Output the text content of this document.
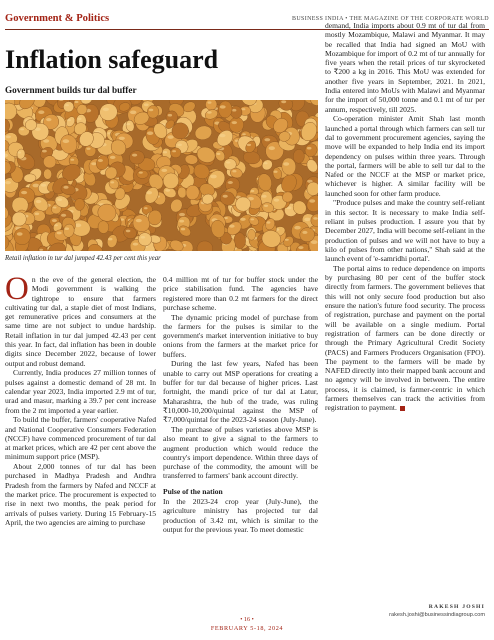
Government & Politics	BUSINESS INDIA • THE MAGAZINE OF THE CORPORATE WORLD
Inflation safeguard
Government builds tur dal buffer
Retail inflation in tur dal jumped 42.43 per cent this year

On the eve of the general election, the Modi government is walking the tightrope to ensure that farmers cultivating tur dal, a staple diet of most Indians, get remunerative prices and consumers at the same time are not subject to undue hardship. Retail inflation in tur dal jumped 42.43 per cent this year. In fact, dal inflation has been in double digits since December 2022, because of lower output and robust demand.

Currently, India produces 27 million tonnes of pulses against a domestic demand of 28 mt. In calendar year 2023, India imported 2.9 mt of tur, urad and masur, marking a 39.7 per cent increase from the 2 mt imported a year earlier.

To build the buffer, farmers' cooperative Nafed and National Cooperative Consumers Federation (NCCF) have commenced procurement of tur dal at market prices, which are 42 per cent above the minimum support price (MSP).

About 2,000 tonnes of tur dal has been purchased in Madhya Pradesh and Andhra Pradesh from the farmers by Nafed and NCCF at the market price. The procurement is expected to rise in next two months, the peak period for arrivals of pulses variety. During 15 February-15 April, the two agencies are aiming to purchase

0.4 million mt of tur for buffer stock under the price stabilisation fund. The agencies have registered more than 0.2 mt farmers for the direct purchase scheme.

The dynamic pricing model of purchase from the farmers for the pulses is similar to the government's market intervention initiative to buy onions from the farmers at the market price for buffers.

During the last few years, Nafed has been unable to carry out MSP operations for creating a buffer for tur dal because of higher prices. Last fortnight, the mandi price of tur dal at Latur, Maharashtra, the hub of the trade, was ruling ₹10,000-10,200/quintal against the MSP of ₹7,000/quintal for the 2023-24 season (July-June).

The purchase of pulses varieties above MSP is also meant to give a signal to the farmers to augment production which would reduce the country's import dependence. Within three days of purchase of the commodity, the amount will be transferred to farmers' bank account directly.

Pulse of the nation

In the 2023-24 crop year (July-June), the agriculture ministry has projected tur dal production of 3.42 mt, which is similar to the output for the previous year. To meet domestic

demand, India imports about 0.9 mt of tur dal from mostly Mozambique, Malawi and Myanmar. It may be recalled that India had signed an MoU with Mozambique for import of 0.2 mt of tur annually for five years when the retail prices of tur skyrocketed to ₹200 a kg in 2016. This MoU was extended for another five years in September, 2021. In 2021, India entered into MoUs with Malawi and Myanmar for the import of 50,000 tonne and 0.1 mt of tur per annum, respectively, till 2025.

Co-operation minister Amit Shah last month launched a portal through which farmers can sell tur dal to government procurement agencies, saying the move will be expanded to help India end its import dependency on pulses within three years. Through the portal, farmers will be able to sell tur dal to the Nafed or the NCCF at the MSP or market price, whichever is higher. A similar facility will be launched soon for other farm produce.

"Produce pulses and make the country self-reliant in this sector. It is necessary to make India self-reliant in pulses production. I assure you that by December 2027, India will become self-reliant in the production of pulses and we will not have to buy a kilo of pulses from other nations," Shah said at the launch event of 'e-samridhi portal'.

The portal aims to reduce dependence on imports by purchasing 80 per cent of the buffer stock directly from farmers. The government believes that this will not only secure food production but also ensure the nation's future food security. The process of registration, purchase and payment on the portal will be available on a single medium. Portal registration of farmers can be done directly or through the Primary Agricultural Credit Society (PACS) and Farmers Producers Organisation (FPO). The payment to the farmers will be made by NAFED directly into their mapped bank account and no agency will be involved in between. The entire process, it is claimed, is farmer-centric in which farmers themselves can track the activities from registration to payment.

RAKESH JOSHI
rakesh.joshi@businessindiagroup.com
• 16 •
FEBRUARY 5-18, 2024
